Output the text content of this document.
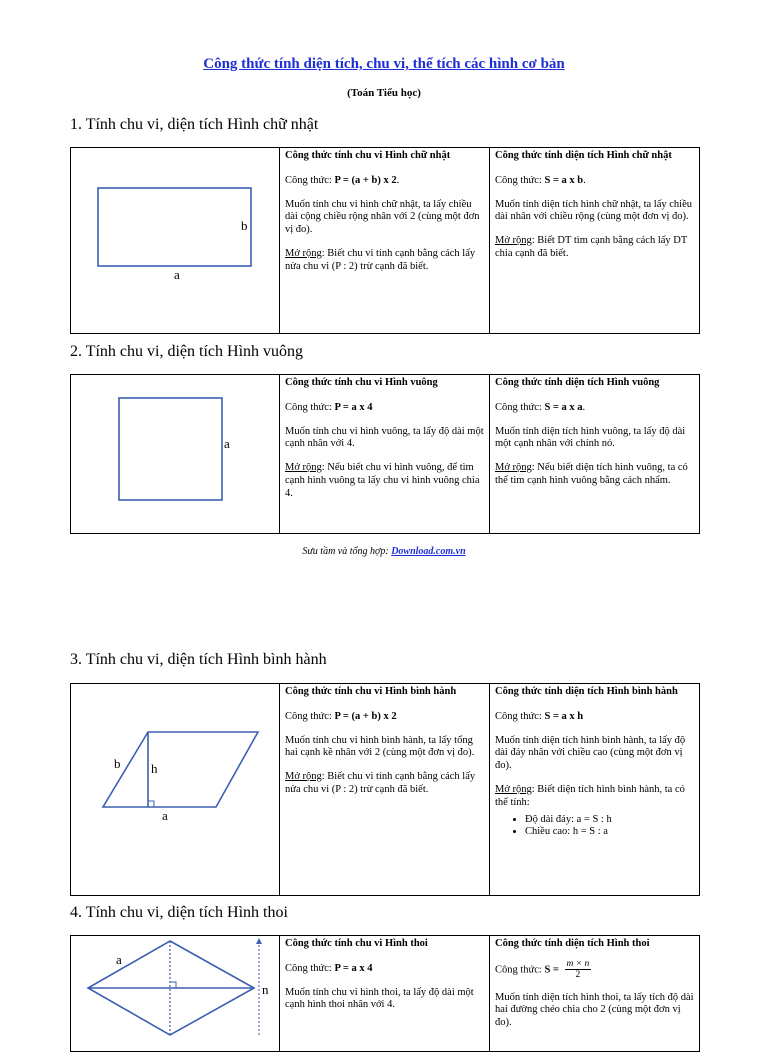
Công thức tính diện tích, chu vi, thể tích các hình cơ bản
(Toán Tiểu học)
1. Tính chu vi, diện tích Hình chữ nhật
b
a

Công thức tính chu vi Hình chữ nhật
Công thức: P = (a + b) x 2.
Muốn tính chu vi hình chữ nhật, ta lấy chiều dài cộng chiều rộng nhân với 2 (cùng một đơn vị đo).
Mở rộng: Biết chu vi tính cạnh bằng cách lấy nửa chu vi (P : 2) trừ cạnh đã biết.

Công thức tính diện tích Hình chữ nhật
Công thức: S = a x b.
Muốn tính diện tích hình chữ nhật, ta lấy chiều dài nhân với chiều rộng (cùng một đơn vị đo).
Mở rộng: Biết DT tìm cạnh bằng cách lấy DT chia cạnh đã biết.
2. Tính chu vi, diện tích Hình vuông
a

Công thức tính chu vi Hình vuông
Công thức: P = a x 4
Muốn tính chu vi hình vuông, ta lấy độ dài một cạnh nhân với 4.
Mở rộng: Nếu biết chu vi hình vuông, để tìm cạnh hình vuông ta lấy chu vi hình vuông chia 4.

Công thức tính diện tích Hình vuông
Công thức: S = a x a.
Muốn tính diện tích hình vuông, ta lấy độ dài một cạnh nhân với chính nó.
Mở rộng: Nếu biết diện tích hình vuông, ta có thể tìm cạnh hình vuông bằng cách nhẩm.
Sưu tầm và tổng hợp: Download.com.vn
3. Tính chu vi, diện tích Hình bình hành
b h
a

Công thức tính chu vi Hình bình hành
Công thức: P = (a + b) x 2
Muốn tính chu vi hình bình hành, ta lấy tổng hai cạnh kề nhân với 2 (cùng một đơn vị đo).
Mở rộng: Biết chu vi tính cạnh bằng cách lấy nửa chu vi (P : 2) trừ cạnh đã biết.

Công thức tính diện tích Hình bình hành
Công thức: S = a x h
Muốn tính diện tích hình bình hành, ta lấy độ dài đáy nhân với chiều cao (cùng một đơn vị đo).
Mở rộng: Biết diện tích hình bình hành, ta có thể tính:
• Độ dài đáy: a = S : h
• Chiều cao: h = S : a
4. Tính chu vi, diện tích Hình thoi
a
n

Công thức tính chu vi Hình thoi
Công thức: P = a x 4
Muốn tính chu vi hình thoi, ta lấy độ dài một cạnh hình thoi nhân với 4.

Công thức tính diện tích Hình thoi
Công thức: $S = \frac{m \times n}{2}$
Muốn tính diện tích hình thoi, ta lấy tích độ dài hai đường chéo chia cho 2 (cùng một đơn vị đo).
